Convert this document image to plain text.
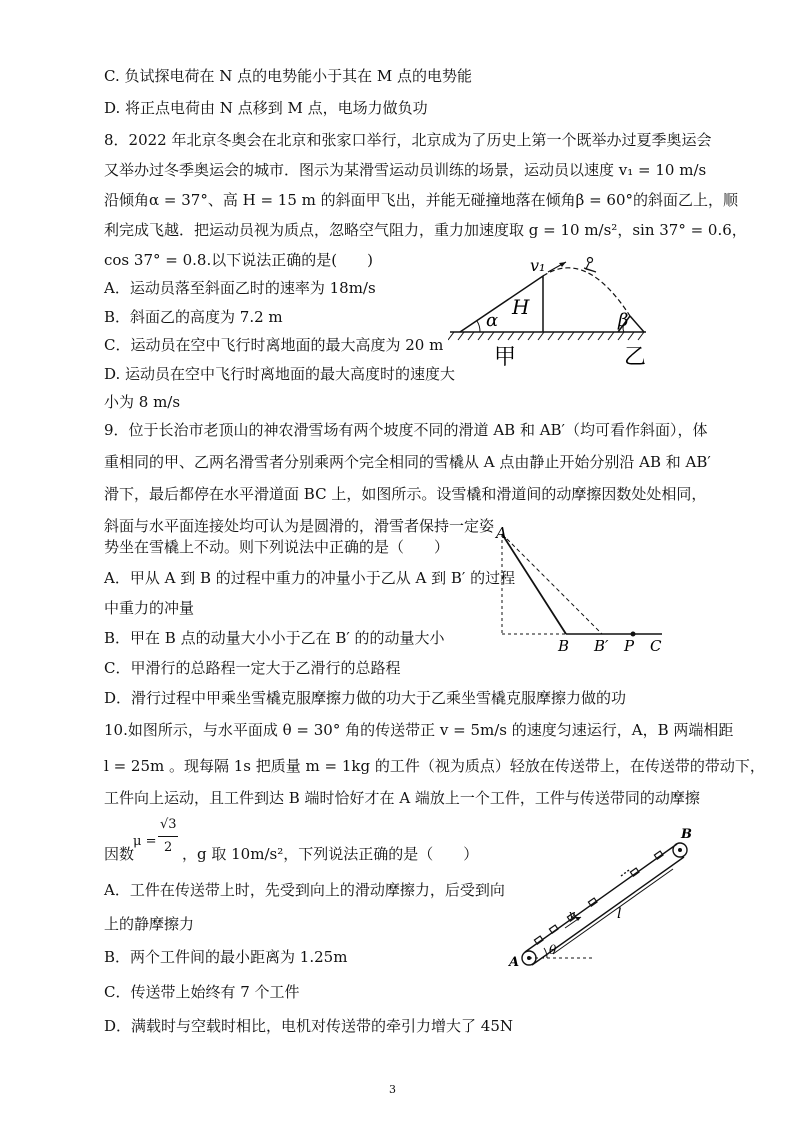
C. 负试探电荷在 N 点的电势能小于其在 M 点的电势能
D. 将正点电荷由 N 点移到 M 点，电场力做负功
8．2022 年北京冬奥会在北京和张家口举行，北京成为了历史上第一个既举办过夏季奥运会
又举办过冬季奥运会的城市．图示为某滑雪运动员训练的场景，运动员以速度 v₁ = 10 m/s
沿倾角α = 37°、高 H = 15 m 的斜面甲飞出，并能无碰撞地落在倾角β = 60°的斜面乙上，顺
利完成飞越．把运动员视为质点，忽略空气阻力，重力加速度取 g = 10 m/s²，sin 37° = 0.6，
cos 37° = 0.8.以下说法正确的是(　　)
A．运动员落至斜面乙时的速率为 18m/s
B．斜面乙的高度为 7.2 m
C．运动员在空中飞行时离地面的最大高度为 20 m
D. 运动员在空中飞行时离地面的最大高度时的速度大
小为 8 m/s
v₁
α
H
β
甲	乙
9．位于长治市老顶山的神农滑雪场有两个坡度不同的滑道 AB 和 AB′（均可看作斜面），体
重相同的甲、乙两名滑雪者分别乘两个完全相同的雪橇从 A 点由静止开始分别沿 AB 和 AB′
滑下，最后都停在水平滑道面 BC 上，如图所示。设雪橇和滑道间的动摩擦因数处处相同，
斜面与水平面连接处均可认为是圆滑的，滑雪者保持一定姿
势坐在雪橇上不动。则下列说法中正确的是（　　）
A．甲从 A 到 B 的过程中重力的冲量小于乙从 A 到 B′ 的过程
中重力的冲量
B．甲在 B 点的动量大小小于乙在 B′ 的的动量大小
C．甲滑行的总路程一定大于乙滑行的总路程
D．滑行过程中甲乘坐雪橇克服摩擦力做的功大于乙乘坐雪橇克服摩擦力做的功
A
B B′ P C
10.如图所示，与水平面成 θ = 30° 角的传送带正 v = 5m/s 的速度匀速运行，A，B 两端相距
l = 25m 。现每隔 1s 把质量 m = 1kg 的工件（视为质点）轻放在传送带上，在传送带的带动下，
工件向上运动，且工件到达 B 端时恰好才在 A 端放上一个工件，工件与传送带同的动摩擦
因数
μ =
√3
2 ，g 取 10m/s²，下列说法正确的是（　　）
A．工件在传送带上时，先受到向上的滑动摩擦力，后受到向
上的静摩擦力
B．两个工件间的最小距离为 1.25m
C．传送带上始终有 7 个工件
D．满载时与空载时相比，电机对传送带的牵引力增大了 45N
A
B
θ
l
v
3
